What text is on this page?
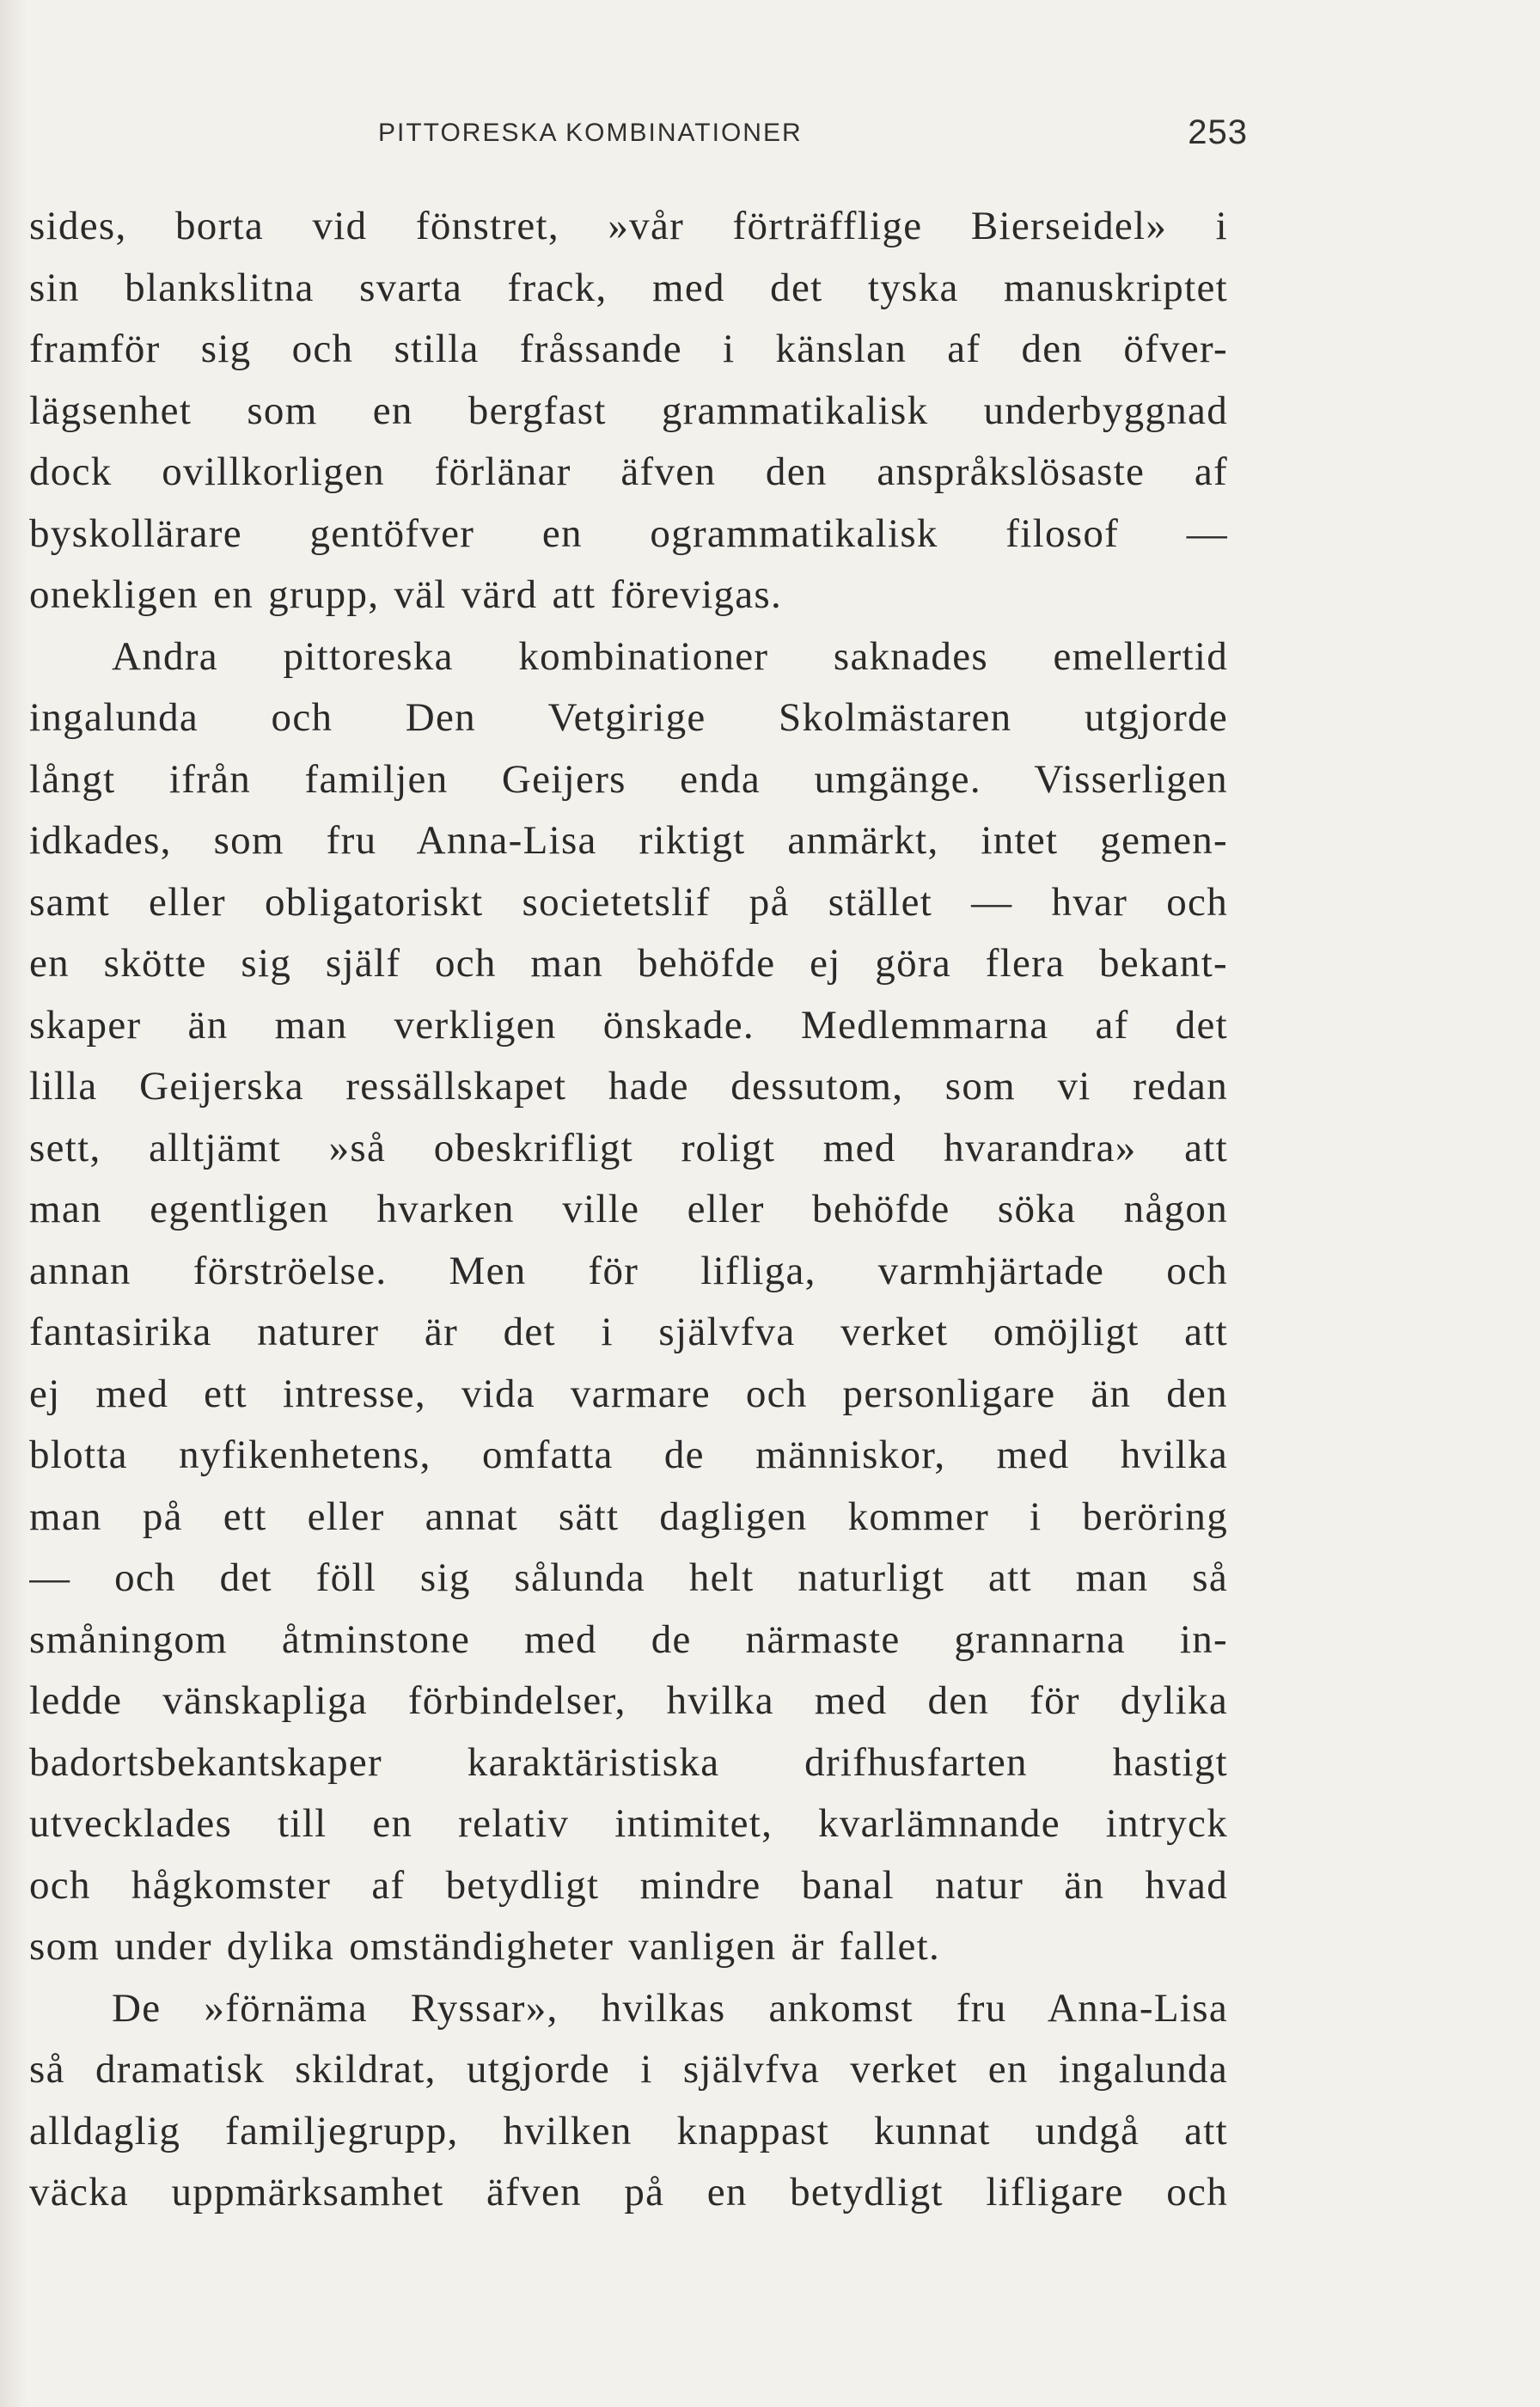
PITTORESKA KOMBINATIONER	253
sides, borta vid fönstret, »vår förträfflige Bierseidel» i
sin blankslitna svarta frack, med det tyska manuskriptet
framför sig och stilla fråssande i känslan af den öfver-
lägsenhet som en bergfast grammatikalisk underbyggnad
dock ovillkorligen förlänar äfven den anspråkslösaste af
byskollärare gentöfver en ogrammatikalisk filosof —
onekligen en grupp, väl värd att förevigas.
Andra pittoreska kombinationer saknades emellertid
ingalunda och Den Vetgirige Skolmästaren utgjorde
långt ifrån familjen Geijers enda umgänge. Visserligen
idkades, som fru Anna-Lisa riktigt anmärkt, intet gemen-
samt eller obligatoriskt societetslif på stället — hvar och
en skötte sig själf och man behöfde ej göra flera bekant-
skaper än man verkligen önskade. Medlemmarna af det
lilla Geijerska ressällskapet hade dessutom, som vi redan
sett, alltjämt »så obeskrifligt roligt med hvarandra» att
man egentligen hvarken ville eller behöfde söka någon
annan förströelse. Men för lifliga, varmhjärtade och
fantasirika naturer är det i självfva verket omöjligt att
ej med ett intresse, vida varmare och personligare än den
blotta nyfikenhetens, omfatta de människor, med hvilka
man på ett eller annat sätt dagligen kommer i beröring
— och det föll sig sålunda helt naturligt att man så
småningom åtminstone med de närmaste grannarna in-
ledde vänskapliga förbindelser, hvilka med den för dylika
badortsbekantskaper karaktäristiska drifhusfarten hastigt
utvecklades till en relativ intimitet, kvarlämnande intryck
och hågkomster af betydligt mindre banal natur än hvad
som under dylika omständigheter vanligen är fallet.
De »förnäma Ryssar», hvilkas ankomst fru Anna-Lisa
så dramatisk skildrat, utgjorde i självfva verket en ingalunda
alldaglig familjegrupp, hvilken knappast kunnat undgå att
väcka uppmärksamhet äfven på en betydligt lifligare och
